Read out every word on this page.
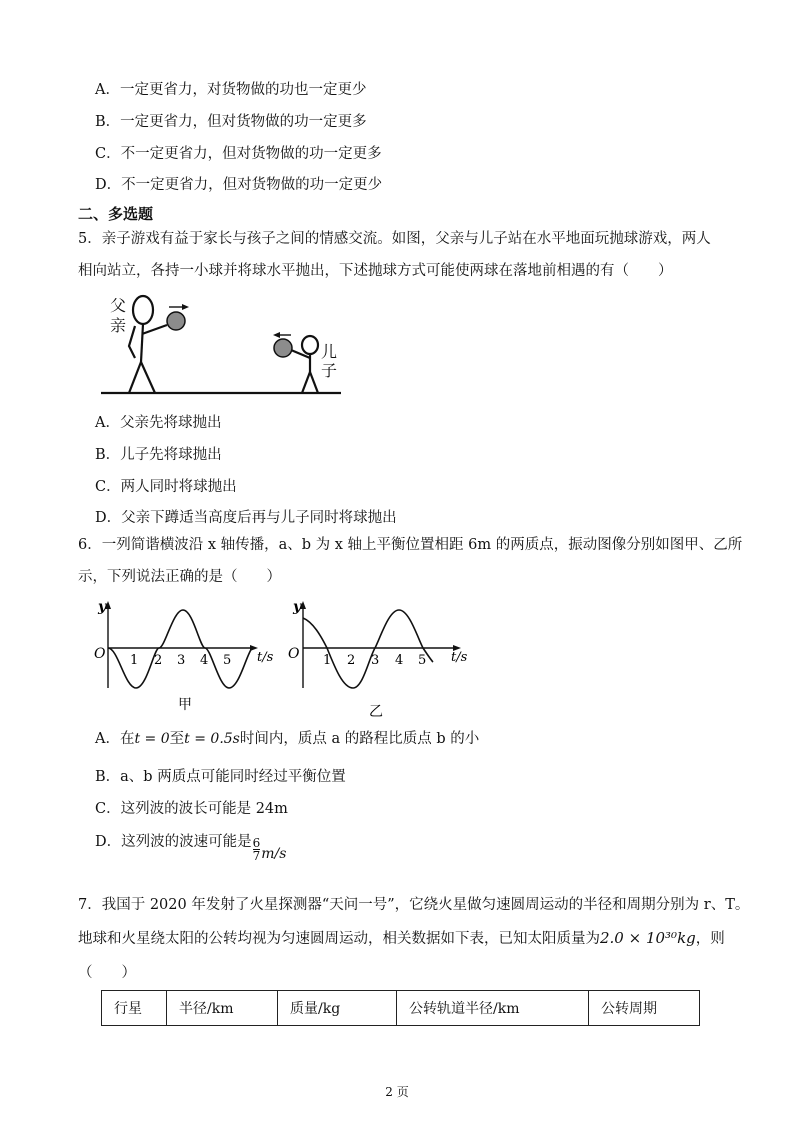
A．一定更省力，对货物做的功也一定更少
B．一定更省力，但对货物做的功一定更多
C．不一定更省力，但对货物做的功一定更多
D．不一定更省力，但对货物做的功一定更少
二、多选题
5．亲子游戏有益于家长与孩子之间的情感交流。如图，父亲与儿子站在水平地面玩抛球游戏，两人
相向站立，各持一小球并将球水平抛出，下述抛球方式可能使两球在落地前相遇的有（　　）
父
亲
儿
子
A．父亲先将球抛出
B．儿子先将球抛出
C．两人同时将球抛出
D．父亲下蹲适当高度后再与儿子同时将球抛出
6．一列简谐横波沿 x 轴传播，a、b 为 x 轴上平衡位置相距 6m 的两质点，振动图像分别如图甲、乙所
示，下列说法正确的是（　　）
y
O	t/s
1 2 3 4 5
甲
y
O	t/s
1 2 3 4 5
乙
A．在t = 0至t = 0.5s时间内，质点 a 的路程比质点 b 的小
B．a、b 两质点可能同时经过平衡位置
C．这列波的波长可能是 24m
D．这列波的波速可能是 $\frac{6}{7} m/s$
7．我国于 2020 年发射了火星探测器“天问一号”，它绕火星做匀速圆周运动的半径和周期分别为 r、T。
地球和火星绕太阳的公转均视为匀速圆周运动，相关数据如下表，已知太阳质量为2.0 × 10³⁰kg，则
（　　）
行星	半径/km	质量/kg	公转轨道半径/km	公转周期
2 页
